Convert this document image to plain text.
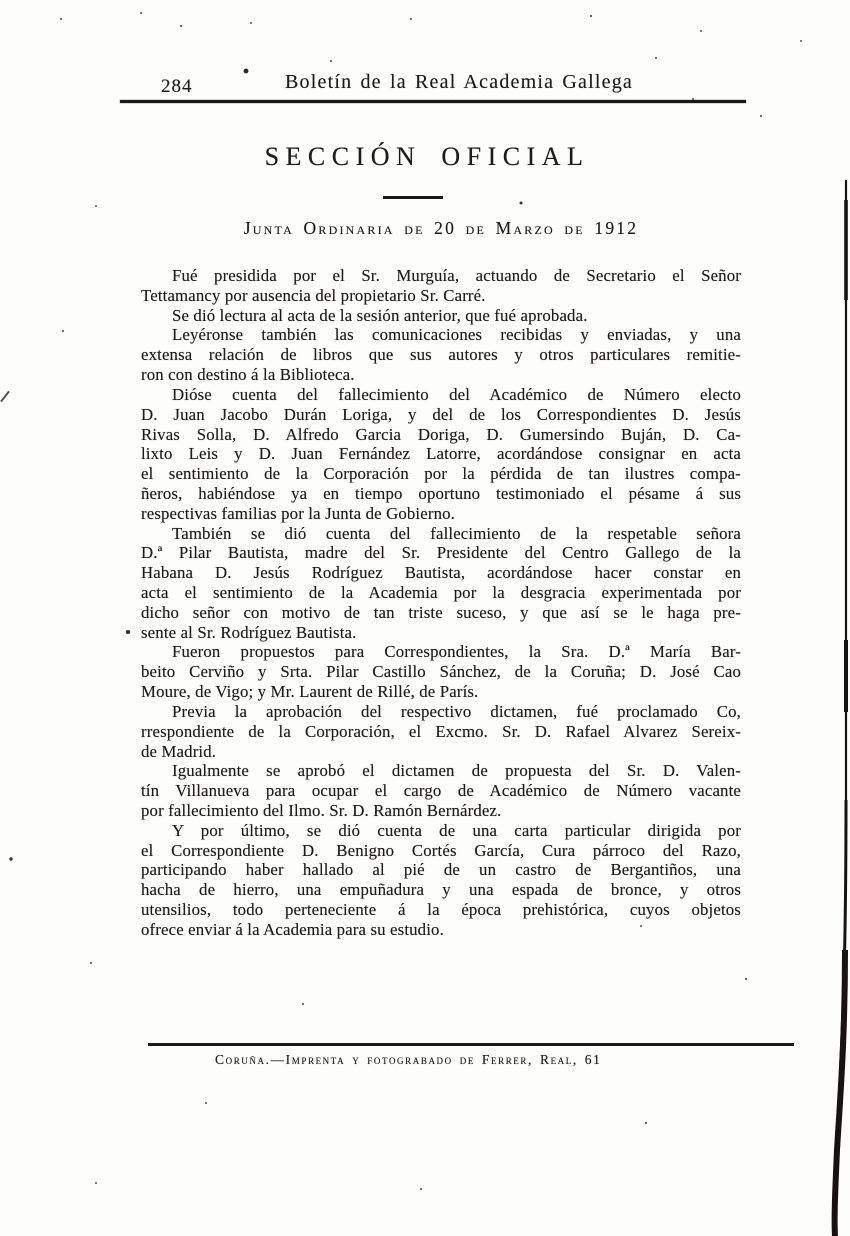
284	Boletín de la Real Academia Gallega
SECCIÓN OFICIAL
Junta Ordinaria de 20 de Marzo de 1912
Fué presidida por el Sr. Murguía, actuando de Secretario el Señor
Tettamancy por ausencia del propietario Sr. Carré.
Se dió lectura al acta de la sesión anterior, que fué aprobada.
Leyéronse también las comunicaciones recibidas y enviadas, y una
extensa relación de libros que sus autores y otros particulares remitie-
ron con destino á la Biblioteca.
Dióse cuenta del fallecimiento del Académico de Número electo
D. Juan Jacobo Durán Loriga, y del de los Correspondientes D. Jesús
Rivas Solla, D. Alfredo Garcia Doriga, D. Gumersindo Buján, D. Ca-
lixto Leis y D. Juan Fernández Latorre, acordándose consignar en acta
el sentimiento de la Corporación por la pérdida de tan ilustres compa-
ñeros, habiéndose ya en tiempo oportuno testimoniado el pésame á sus
respectivas familias por la Junta de Gobierno.
También se dió cuenta del fallecimiento de la respetable señora
D.ª Pilar Bautista, madre del Sr. Presidente del Centro Gallego de la
Habana D. Jesús Rodríguez Bautista, acordándose hacer constar en
acta el sentimiento de la Academia por la desgracia experimentada por
dicho señor con motivo de tan triste suceso, y que así se le haga pre-
sente al Sr. Rodríguez Bautista.
Fueron propuestos para Correspondientes, la Sra. D.ª María Bar-
beito Cerviño y Srta. Pilar Castillo Sánchez, de la Coruña; D. José Cao
Moure, de Vigo; y Mr. Laurent de Rillé, de París.
Previa la aprobación del respectivo dictamen, fué proclamado Co,
rrespondiente de la Corporación, el Excmo. Sr. D. Rafael Alvarez Sereix-
de Madrid.
Igualmente se aprobó el dictamen de propuesta del Sr. D. Valen-
tín Villanueva para ocupar el cargo de Académico de Número vacante
por fallecimiento del Ilmo. Sr. D. Ramón Bernárdez.
Y por último, se dió cuenta de una carta particular dirigida por
el Correspondiente D. Benigno Cortés García, Cura párroco del Razo,
participando haber hallado al pié de un castro de Bergantiños, una
hacha de hierro, una empuñadura y una espada de bronce, y otros
utensilios, todo perteneciente á la época prehistórica, cuyos objetos
ofrece enviar á la Academia para su estudio.
Coruña.—Imprenta y fotograbado de Ferrer, Real, 61
